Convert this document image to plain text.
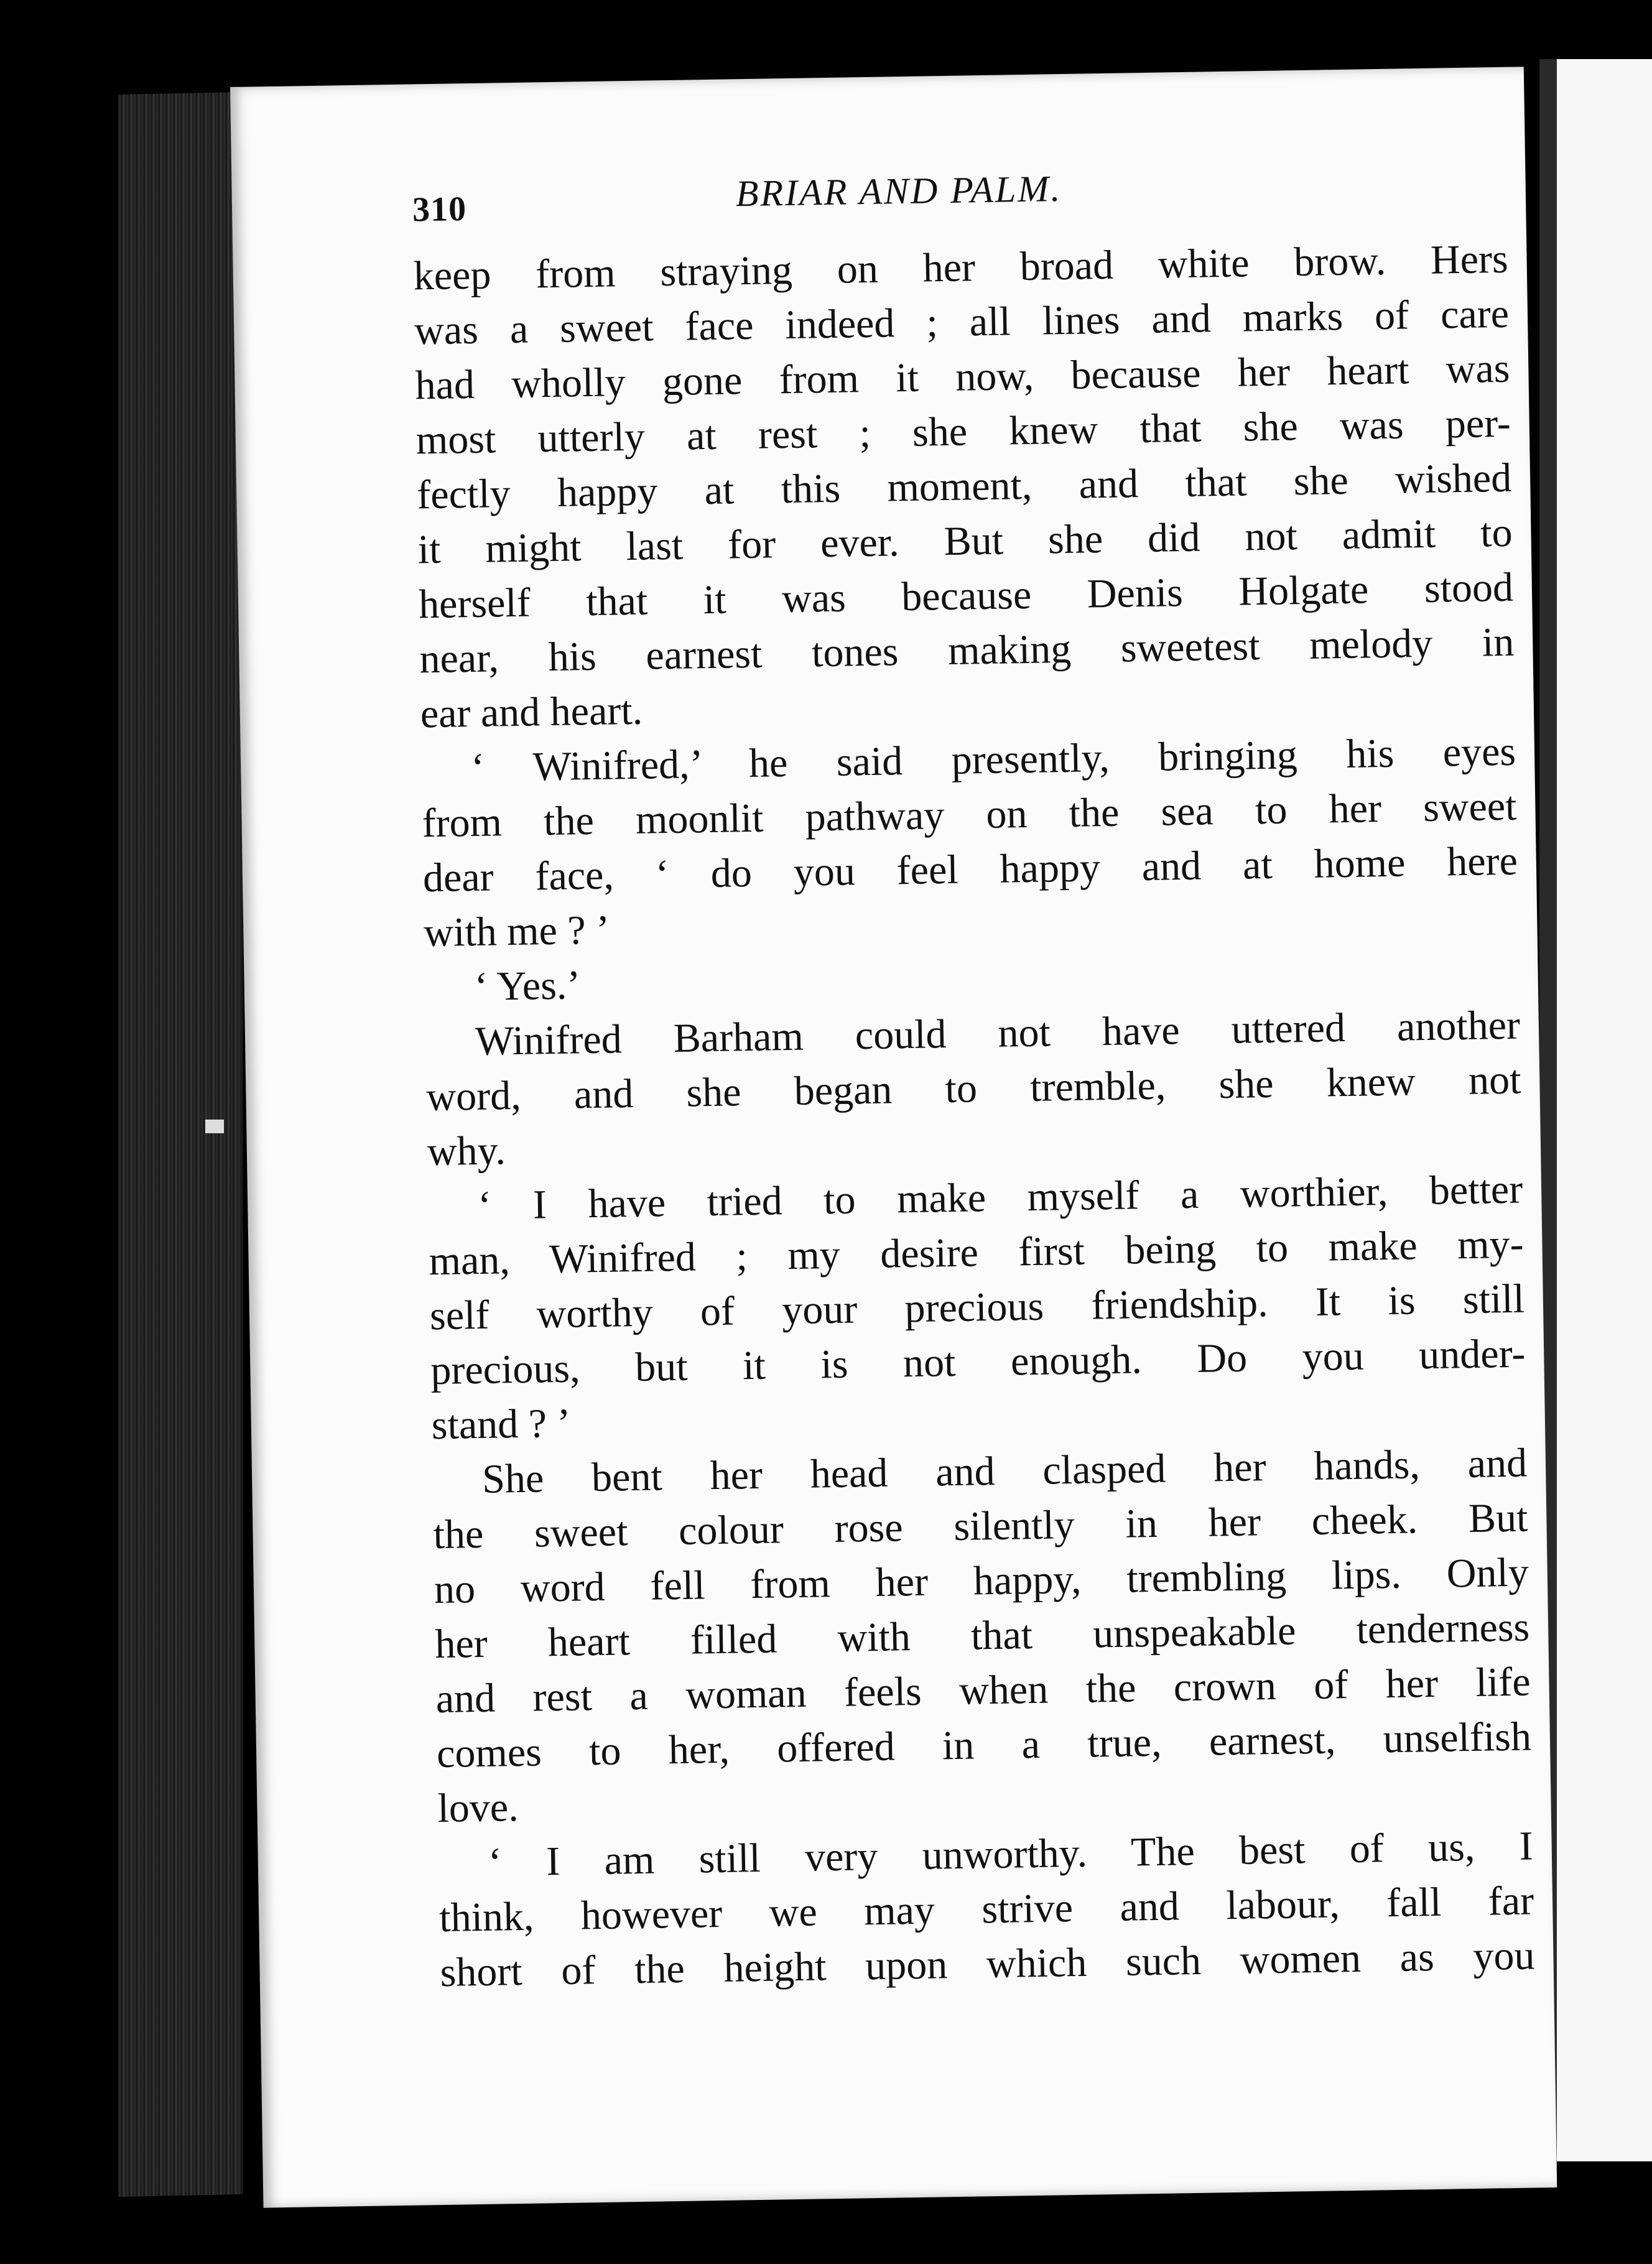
310	BRIAR AND PALM.
keep from straying on her broad white brow. Hers
was a sweet face indeed ; all lines and marks of care
had wholly gone from it now, because her heart was
most utterly at rest ; she knew that she was per-
fectly happy at this moment, and that she wished
it might last for ever. But she did not admit to
herself that it was because Denis Holgate stood
near, his earnest tones making sweetest melody in
ear and heart.
‘ Winifred,’ he said presently, bringing his eyes
from the moonlit pathway on the sea to her sweet
dear face, ‘ do you feel happy and at home here
with me ? ’
‘ Yes.’
Winifred Barham could not have uttered another
word, and she began to tremble, she knew not
why.
‘ I have tried to make myself a worthier, better
man, Winifred ; my desire first being to make my-
self worthy of your precious friendship. It is still
precious, but it is not enough. Do you under-
stand ? ’
She bent her head and clasped her hands, and
the sweet colour rose silently in her cheek. But
no word fell from her happy, trembling lips. Only
her heart filled with that unspeakable tenderness
and rest a woman feels when the crown of her life
comes to her, offered in a true, earnest, unselfish
love.
‘ I am still very unworthy. The best of us, I
think, however we may strive and labour, fall far
short of the height upon which such women as you
